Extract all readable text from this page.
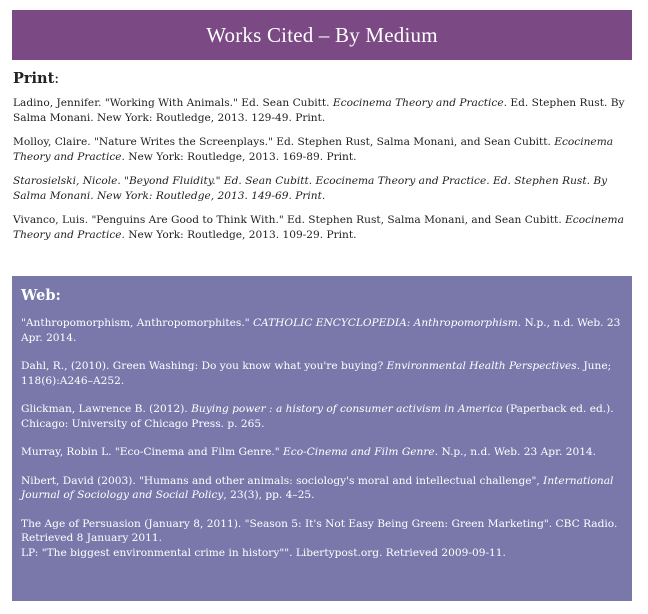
Works Cited – By Medium
Print:

Ladino, Jennifer. "Working With Animals." Ed. Sean Cubitt. Ecocinema Theory and Practice. Ed. Stephen Rust. By Salma Monani. New York: Routledge, 2013. 129-49. Print.

Molloy, Claire. "Nature Writes the Screenplays." Ed. Stephen Rust, Salma Monani, and Sean Cubitt. Ecocinema Theory and Practice. New York: Routledge, 2013. 169-89. Print.

Starosielski, Nicole. "Beyond Fluidity." Ed. Sean Cubitt. Ecocinema Theory and Practice. Ed. Stephen Rust. By Salma Monani. New York: Routledge, 2013. 149-69. Print.

Vivanco, Luis. "Penguins Are Good to Think With." Ed. Stephen Rust, Salma Monani, and Sean Cubitt. Ecocinema Theory and Practice. New York: Routledge, 2013. 109-29. Print.

Web:

"Anthropomorphism, Anthropomorphites." CATHOLIC ENCYCLOPEDIA: Anthropomorphism. N.p., n.d. Web. 23 Apr. 2014.

Dahl, R., (2010). Green Washing: Do you know what you're buying? Environmental Health Perspectives. June; 118(6):A246–A252.

Glickman, Lawrence B. (2012). Buying power : a history of consumer activism in America (Paperback ed. ed.). Chicago: University of Chicago Press. p. 265.

Murray, Robin L. "Eco-Cinema and Film Genre." Eco-Cinema and Film Genre. N.p., n.d. Web. 23 Apr. 2014.

Nibert, David (2003). "Humans and other animals: sociology's moral and intellectual challenge", International Journal of Sociology and Social Policy, 23(3), pp. 4–25.

The Age of Persuasion (January 8, 2011). "Season 5: It's Not Easy Being Green: Green Marketing". CBC Radio. Retrieved 8 January 2011.

LP: "The biggest environmental crime in history"". Libertypost.org. Retrieved 2009-09-11.
